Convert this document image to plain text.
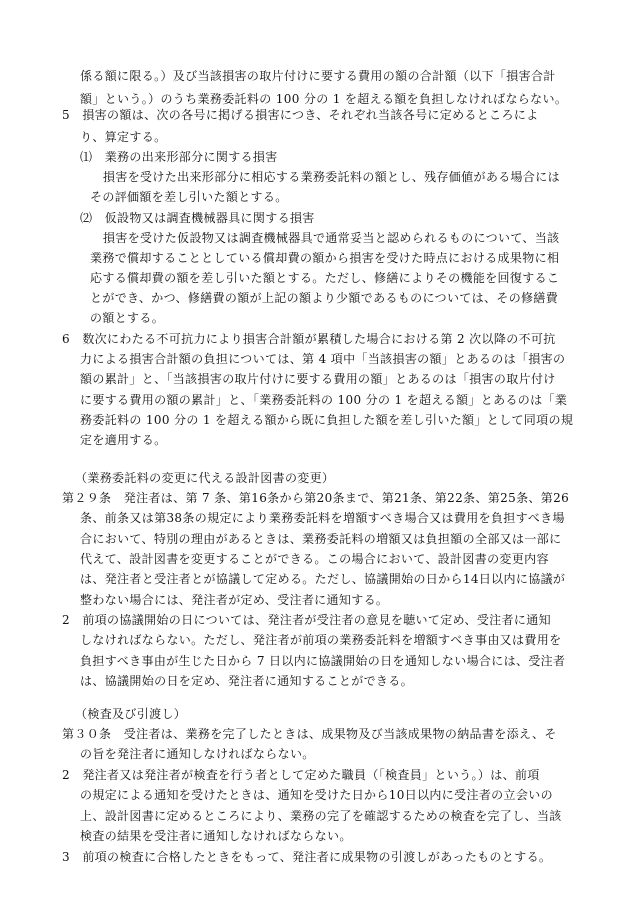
係る額に限る。）及び当該損害の取片付けに要する費用の額の合計額（以下「損害合計
額」という。）のうち業務委託料の 100 分の 1 を超える額を負担しなければならない。
5　損害の額は、次の各号に掲げる損害につき、それぞれ当該各号に定めるところによ
り、算定する。
⑴　業務の出来形部分に関する損害
損害を受けた出来形部分に相応する業務委託料の額とし、残存価値がある場合には
その評価額を差し引いた額とする。
⑵　仮設物又は調査機械器具に関する損害
損害を受けた仮設物又は調査機械器具で通常妥当と認められるものについて、当該
業務で償却することとしている償却費の額から損害を受けた時点における成果物に相
応する償却費の額を差し引いた額とする。ただし、修繕によりその機能を回復するこ
とができ、かつ、修繕費の額が上記の額より少額であるものについては、その修繕費
の額とする。
6　数次にわたる不可抗力により損害合計額が累積した場合における第 2 次以降の不可抗
力による損害合計額の負担については、第 4 項中「当該損害の額」とあるのは「損害の
額の累計」と、「当該損害の取片付けに要する費用の額」とあるのは「損害の取片付け
に要する費用の額の累計」と、「業務委託料の 100 分の 1 を超える額」とあるのは「業
務委託料の 100 分の 1 を超える額から既に負担した額を差し引いた額」として同項の規
定を適用する。
（業務委託料の変更に代える設計図書の変更）
第２９条　発注者は、第 7 条、第16条から第20条まで、第21条、第22条、第25条、第26
条、前条又は第38条の規定により業務委託料を増額すべき場合又は費用を負担すべき場
合において、特別の理由があるときは、業務委託料の増額又は負担額の全部又は一部に
代えて、設計図書を変更することができる。この場合において、設計図書の変更内容
は、発注者と受注者とが協議して定める。ただし、協議開始の日から14日以内に協議が
整わない場合には、発注者が定め、受注者に通知する。
2　前項の協議開始の日については、発注者が受注者の意見を聴いて定め、受注者に通知
しなければならない。ただし、発注者が前項の業務委託料を増額すべき事由又は費用を
負担すべき事由が生じた日から 7 日以内に協議開始の日を通知しない場合には、受注者
は、協議開始の日を定め、発注者に通知することができる。
（検査及び引渡し）
第３０条　受注者は、業務を完了したときは、成果物及び当該成果物の納品書を添え、そ
の旨を発注者に通知しなければならない。
2　発注者又は発注者が検査を行う者として定めた職員（「検査員」という。）は、前項
の規定による通知を受けたときは、通知を受けた日から10日以内に受注者の立会いの
上、設計図書に定めるところにより、業務の完了を確認するための検査を完了し、当該
検査の結果を受注者に通知しなければならない。
3　前項の検査に合格したときをもって、発注者に成果物の引渡しがあったものとする。
